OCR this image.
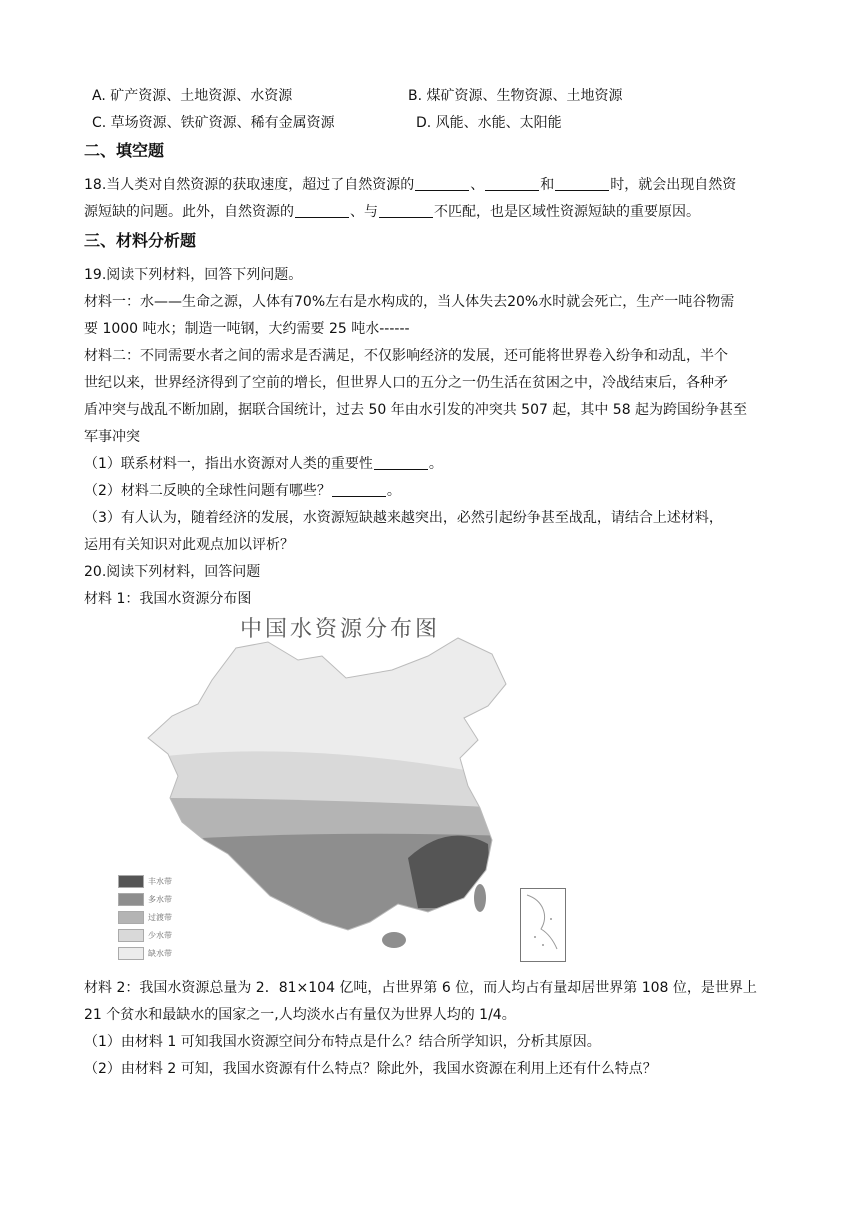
A. 矿产资源、土地资源、水资源	B. 煤矿资源、生物资源、土地资源
C. 草场资源、铁矿资源、稀有金属资源	D. 风能、水能、太阳能
二、填空题
18.当人类对自然资源的获取速度，超过了自然资源的	、	和	时，就会出现自然资
源短缺的问题。此外，自然资源的	、与	不匹配，也是区域性资源短缺的重要原因。
三、材料分析题
19.阅读下列材料，回答下列问题。
材料一：水——生命之源，人体有70%左右是水构成的，当人体失去20%水时就会死亡，生产一吨谷物需
要 1000 吨水；制造一吨钢，大约需要 25 吨水------
材料二：不同需要水者之间的需求是否满足，不仅影响经济的发展，还可能将世界卷入纷争和动乱，半个
世纪以来，世界经济得到了空前的增长，但世界人口的五分之一仍生活在贫困之中，冷战结束后，各种矛
盾冲突与战乱不断加剧，据联合国统计，过去 50 年由水引发的冲突共 507 起，其中 58 起为跨国纷争甚至
军事冲突
（1）联系材料一，指出水资源对人类的重要性	。
（2）材料二反映的全球性问题有哪些？	。
（3）有人认为，随着经济的发展，水资源短缺越来越突出，必然引起纷争甚至战乱，请结合上述材料，
运用有关知识对此观点加以评析？
20.阅读下列材料，回答问题
材料 1：我国水资源分布图
中国水资源分布图
丰水带
多水带
过渡带
少水带
缺水带
材料 2：我国水资源总量为 2．81×104 亿吨，占世界第 6 位，而人均占有量却居世界第 108 位，是世界上
21 个贫水和最缺水的国家之一,人均淡水占有量仅为世界人均的 1/4。
（1）由材料 1 可知我国水资源空间分布特点是什么？结合所学知识，分析其原因。
（2）由材料 2 可知，我国水资源有什么特点？除此外，我国水资源在利用上还有什么特点？
